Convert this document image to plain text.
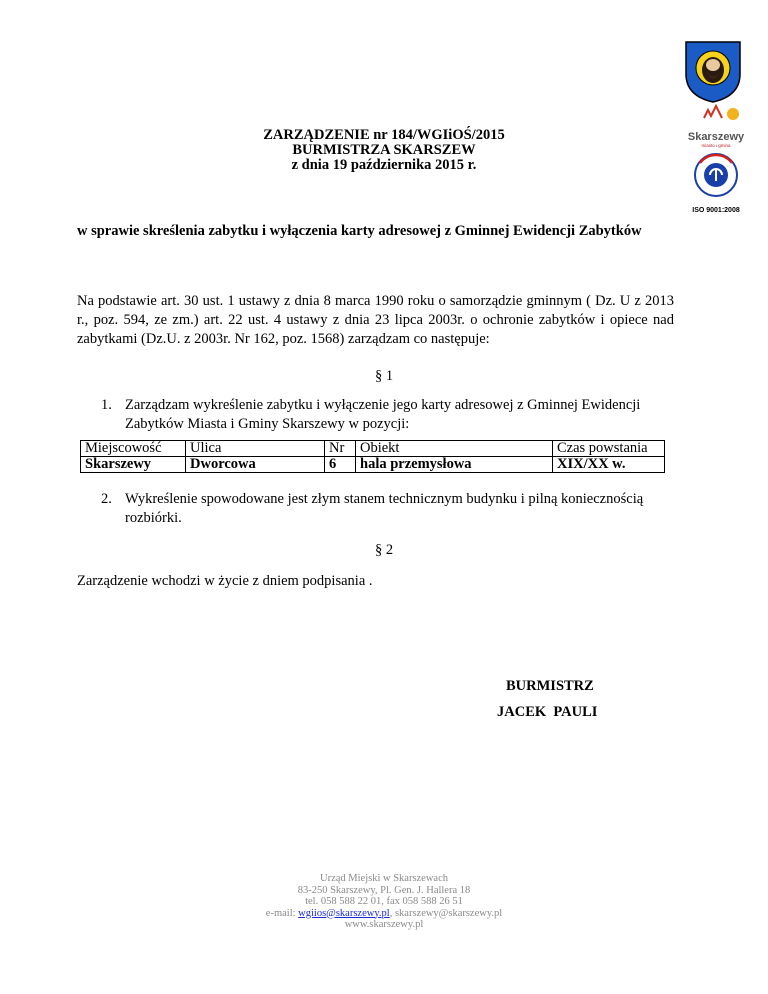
Skarszewy
miasto i gmina
ISO 9001:2008
ZARZĄDZENIE nr 184/WGIiOŚ/2015
BURMISTRZA SKARSZEW
z dnia 19 października 2015 r.
w sprawie skreślenia zabytku i wyłączenia karty adresowej z Gminnej Ewidencji Zabytków
Na podstawie art. 30 ust. 1 ustawy z dnia 8 marca 1990 roku o samorządzie gminnym ( Dz. U z 2013 r., poz. 594, ze zm.) art. 22 ust. 4 ustawy z dnia 23 lipca 2003r. o ochronie zabytków i opiece nad zabytkami (Dz.U. z 2003r. Nr 162, poz. 1568) zarządzam co następuje:
§ 1
1. Zarządzam wykreślenie zabytku i wyłączenie jego karty adresowej z Gminnej Ewidencji Zabytków Miasta i Gminy Skarszewy w pozycji:
Miejscowość	Ulica	Nr	Obiekt	Czas powstania
Skarszewy	Dworcowa	6	hala przemysłowa	XIX/XX w.
2. Wykreślenie spowodowane jest złym stanem technicznym budynku i pilną koniecznością rozbiórki.
§ 2
Zarządzenie wchodzi w życie z dniem podpisania .
BURMISTRZ
JACEK  PAULI
Urząd Miejski w Skarszewach
83-250 Skarszewy, Pl. Gen. J. Hallera 18
tel. 058 588 22 01, fax 058 588 26 51
e-mail: wgiios@skarszewy.pl, skarszewy@skarszewy.pl
www.skarszewy.pl
